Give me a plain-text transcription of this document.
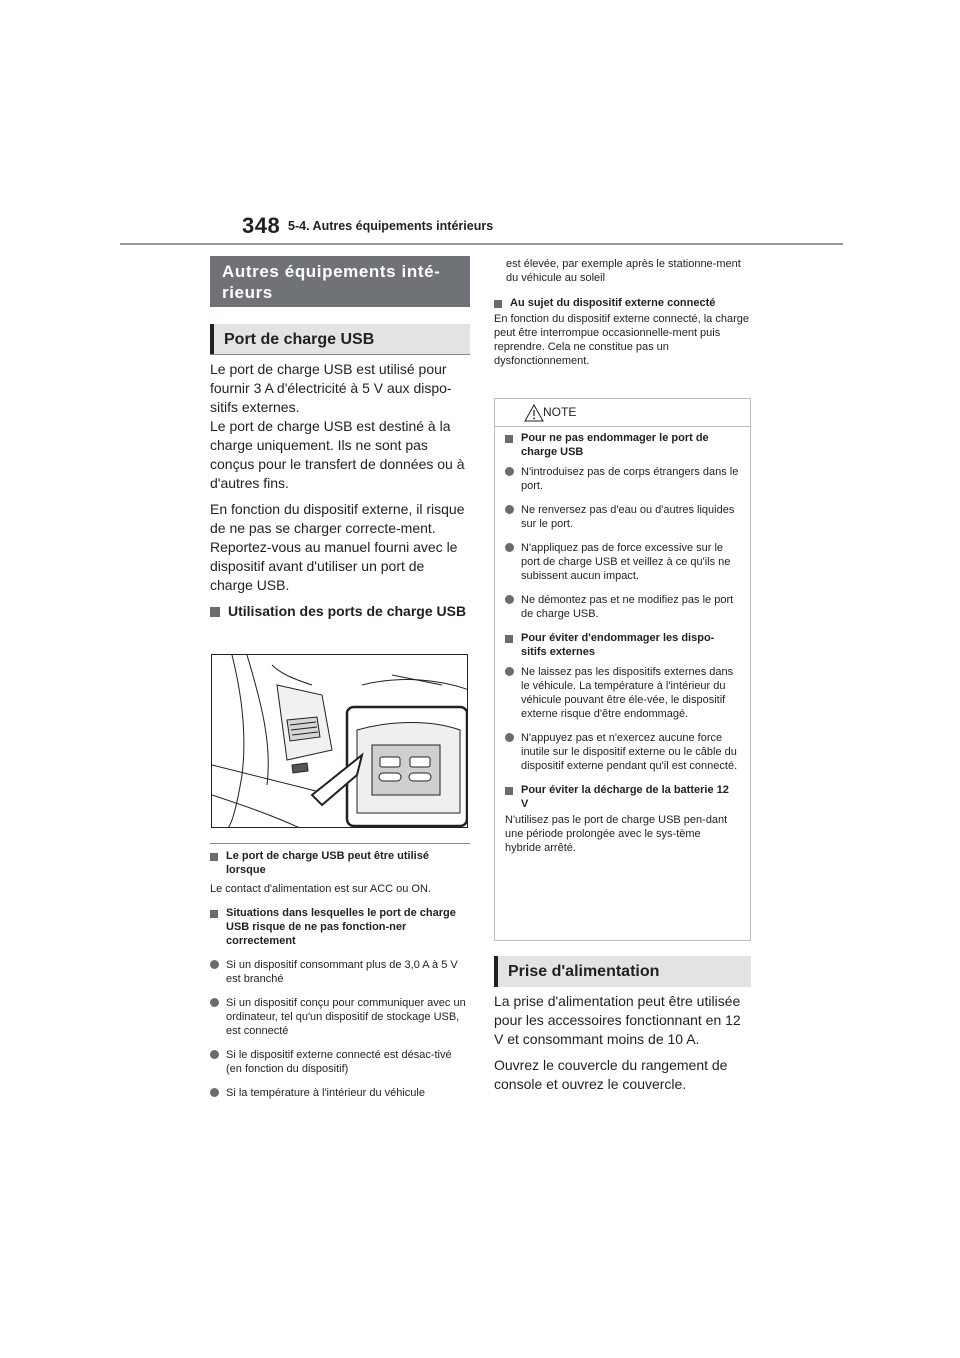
348 5-4. Autres équipements intérieurs
Autres équipements inté-
rieurs
Port de charge USB

Le port de charge USB est utilisé pour fournir 3 A d'électricité à 5 V aux dispo-sitifs externes.

Le port de charge USB est destiné à la charge uniquement. Ils ne sont pas conçus pour le transfert de données ou à d'autres fins.

En fonction du dispositif externe, il risque de ne pas se charger correcte-ment. Reportez-vous au manuel fourni avec le dispositif avant d'utiliser un port de charge USB.

Utilisation des ports de charge USB

Le port de charge USB peut être utilisé lorsque

Le contact d'alimentation est sur ACC ou ON.

Situations dans lesquelles le port de charge USB risque de ne pas fonction-ner correctement

Si un dispositif consommant plus de 3,0 A à 5 V est branché

Si un dispositif conçu pour communiquer avec un ordinateur, tel qu'un dispositif de stockage USB, est connecté

Si le dispositif externe connecté est désac-tivé (en fonction du dispositif)

Si la température à l'intérieur du véhicule

est élevée, par exemple après le stationne-ment du véhicule au soleil

Au sujet du dispositif externe connecté

En fonction du dispositif externe connecté, la charge peut être interrompue occasionnelle-ment puis reprendre. Cela ne constitue pas un dysfonctionnement.

NOTE

Pour ne pas endommager le port de charge USB

N'introduisez pas de corps étrangers dans le port.

Ne renversez pas d'eau ou d'autres liquides sur le port.

N'appliquez pas de force excessive sur le port de charge USB et veillez à ce qu'ils ne subissent aucun impact.

Ne démontez pas et ne modifiez pas le port de charge USB.

Pour éviter d'endommager les dispo-sitifs externes

Ne laissez pas les dispositifs externes dans le véhicule. La température à l'intérieur du véhicule pouvant être éle-vée, le dispositif externe risque d'être endommagé.

N'appuyez pas et n'exercez aucune force inutile sur le dispositif externe ou le câble du dispositif externe pendant qu'il est connecté.

Pour éviter la décharge de la batterie 12 V

N'utilisez pas le port de charge USB pen-dant une période prolongée avec le sys-tème hybride arrêté.

Prise d'alimentation

La prise d'alimentation peut être utilisée pour les accessoires fonctionnant en 12 V et consommant moins de 10 A.

Ouvrez le couvercle du rangement de console et ouvrez le couvercle.
